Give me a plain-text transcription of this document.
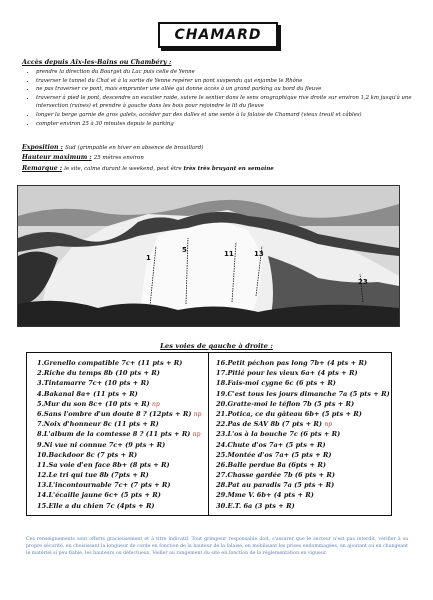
CHAMARD
Accès depuis Aix-les-Bains ou Chambéry :
• prendre la direction du Bourget du Lac puis celle de Yenne
• traverser le tunnel du Chat et à la sortie de Yenne repérer un pont suspendu qui enjambe le Rhône
• ne pas traverser ce pont, mais emprunter une allée qui donne accès à un grand parking au bord du fleuve
• traverser à pied le pont, descendre un escalier raide, suivre le sentier dans le sens orographique rive droite sur environ 1,2 km jusqu'à une intersection (ruines) et prendre à gauche dans les bois pour rejoindre le lit du fleuve
• longer la berge garnie de gros galets, accéder par des dalles et une sente à la falaise de Chamard (vieux treuil et câbles)
• compter environ 25 à 30 minutes depuis le parking
Exposition : Sud (grimpable en hiver en absence de brouillard)
Hauteur maximum : 25 mètres environ
Remarque : le site, calme durant le weekend, peut être très très bruyant en semaine
1
5	11	13
23
Les voies de gauche à droite :
1.Grenello compatible 7c+ (11 pts + R)
2.Riche du temps 8b (10 pts + R)
3.Tintamarre 7c+ (10 pts + R)
4.Bakanal 8a+ (11 pts + R)
5.Mur du son 8c+ (10 pts + R) np
6.Sans l'ombre d'un doute 8 ? (12pts + R) np
7.Noix d'honneur 8c (11 pts + R)
8.L'album de la comtesse 8 ? (11 pts + R) np
9.Ni vue ni connue 7c+ (9 pts + R)
10.Backdoor 8c (7 pts + R)
11.Sa voie d'en face 8b+ (8 pts + R)
12.Le tri qui tue 8b (7pts + R)
13.L'incontournable 7c+ (7 pts + R)
14.L'écaille jaune 6c+ (5 pts + R)
15.Elle a du chien 7c (4pts + R)
16.Petit péchon pas long 7b+ (4 pts + R)
17.Pitié pour les vieux 6a+ (4 pts + R)
18.Fais-moi cygne 6c (6 pts + R)
19.C'est tous les jours dimanche 7a (5 pts + R)
20.Gratte-moi le téflon 7b (5 pts + R)
21.Potica, ce du gâteau 6b+ (5 pts + R)
22.Pas de SAV 8b (7 pts + R) np
23.L'os à la bouche 7c (6 pts + R)
24.Chute d'os 7a+ (5 pts + R)
25.Montée d'os 7a+ (5 pts + R)
26.Balle perdue 8a (6pts + R)
27.Chasse gardée 7b (6 pts + R)
28.Pat au paradis 7a (5 pts + R)
29.Mme V. 6b+ (4 pts + R)
30.E.T. 6a (3 pts + R)
Ces renseignements sont offerts gracieusement et à titre indicatif. Tout grimpeur responsable doit, s'assurer que le secteur n'est pas interdit, vérifier à sa propre sécurité, en choisissant la longueur de corde en fonction de la hauteur de la falaise, en mobilisant les prises endommagées, en ajoutant ou en changeant le matériel si peu fiable, les hauteurs ou défectueux. Veiller au rangement du site en fonction de la réglementation en vigueur.
